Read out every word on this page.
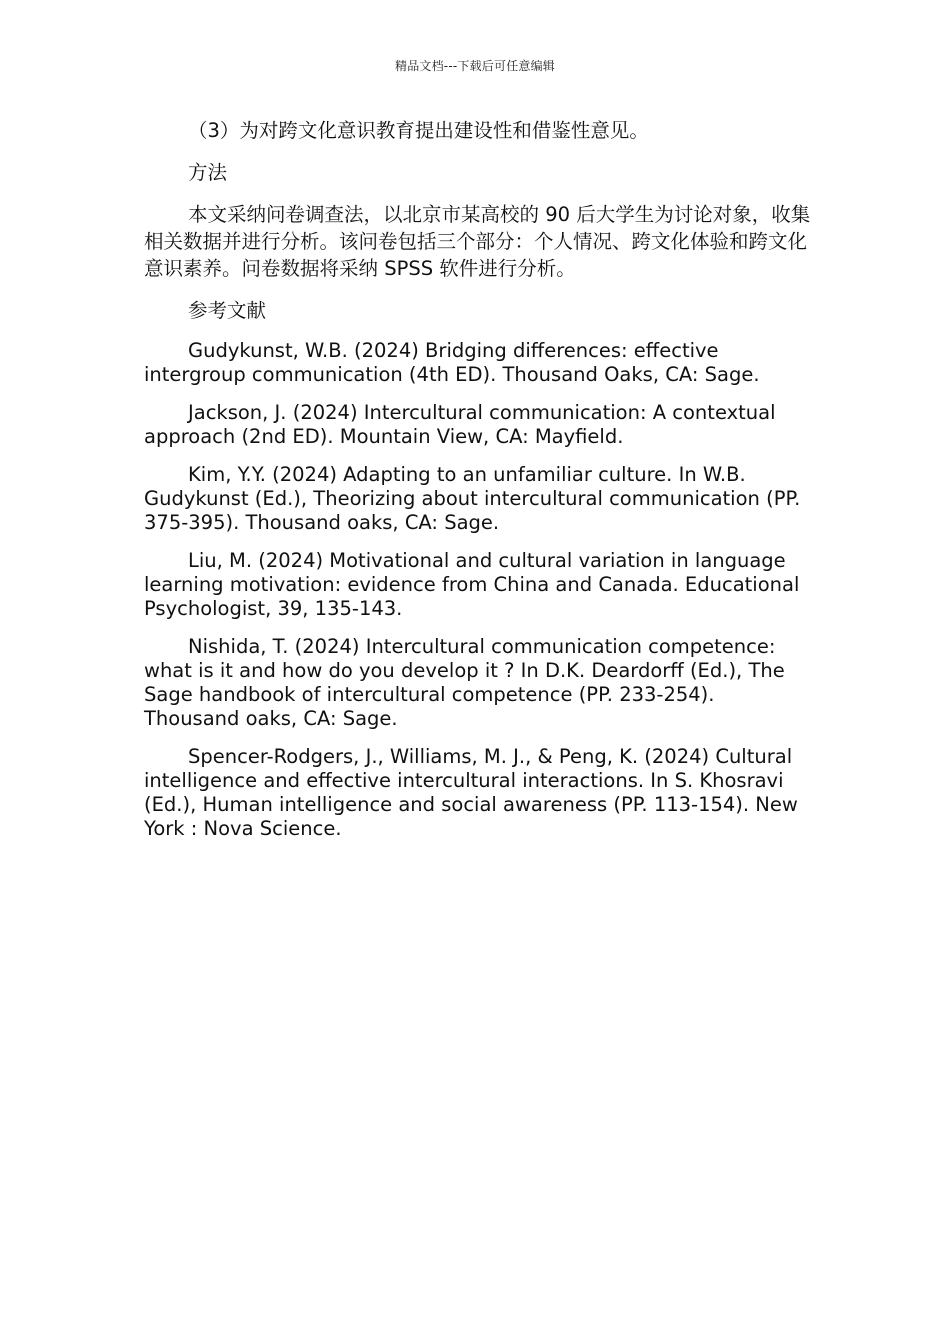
精品文档---下载后可任意编辑

（3）为对跨文化意识教育提出建设性和借鉴性意见。

方法

本文采纳问卷调查法，以北京市某高校的 90 后大学生为讨论对象，收集相关数据并进行分析。该问卷包括三个部分：个人情况、跨文化体验和跨文化意识素养。问卷数据将采纳 SPSS 软件进行分析。

参考文献

Gudykunst, W.B. (2024) Bridging differences: effective intergroup communication (4th ED). Thousand Oaks, CA: Sage.

Jackson, J. (2024) Intercultural communication: A contextual approach (2nd ED). Mountain View, CA: Mayfield.

Kim, Y.Y. (2024) Adapting to an unfamiliar culture. In W.B. Gudykunst (Ed.), Theorizing about intercultural communication (PP. 375-395). Thousand oaks, CA: Sage.

Liu, M. (2024) Motivational and cultural variation in language learning motivation: evidence from China and Canada. Educational Psychologist, 39, 135-143.

Nishida, T. (2024) Intercultural communication competence: what is it and how do you develop it ? In D.K. Deardorff (Ed.), The Sage handbook of intercultural competence (PP. 233-254). Thousand oaks, CA: Sage.

Spencer-Rodgers, J., Williams, M. J., & Peng, K. (2024) Cultural intelligence and effective intercultural interactions. In S. Khosravi (Ed.), Human intelligence and social awareness (PP. 113-154). New York : Nova Science.
